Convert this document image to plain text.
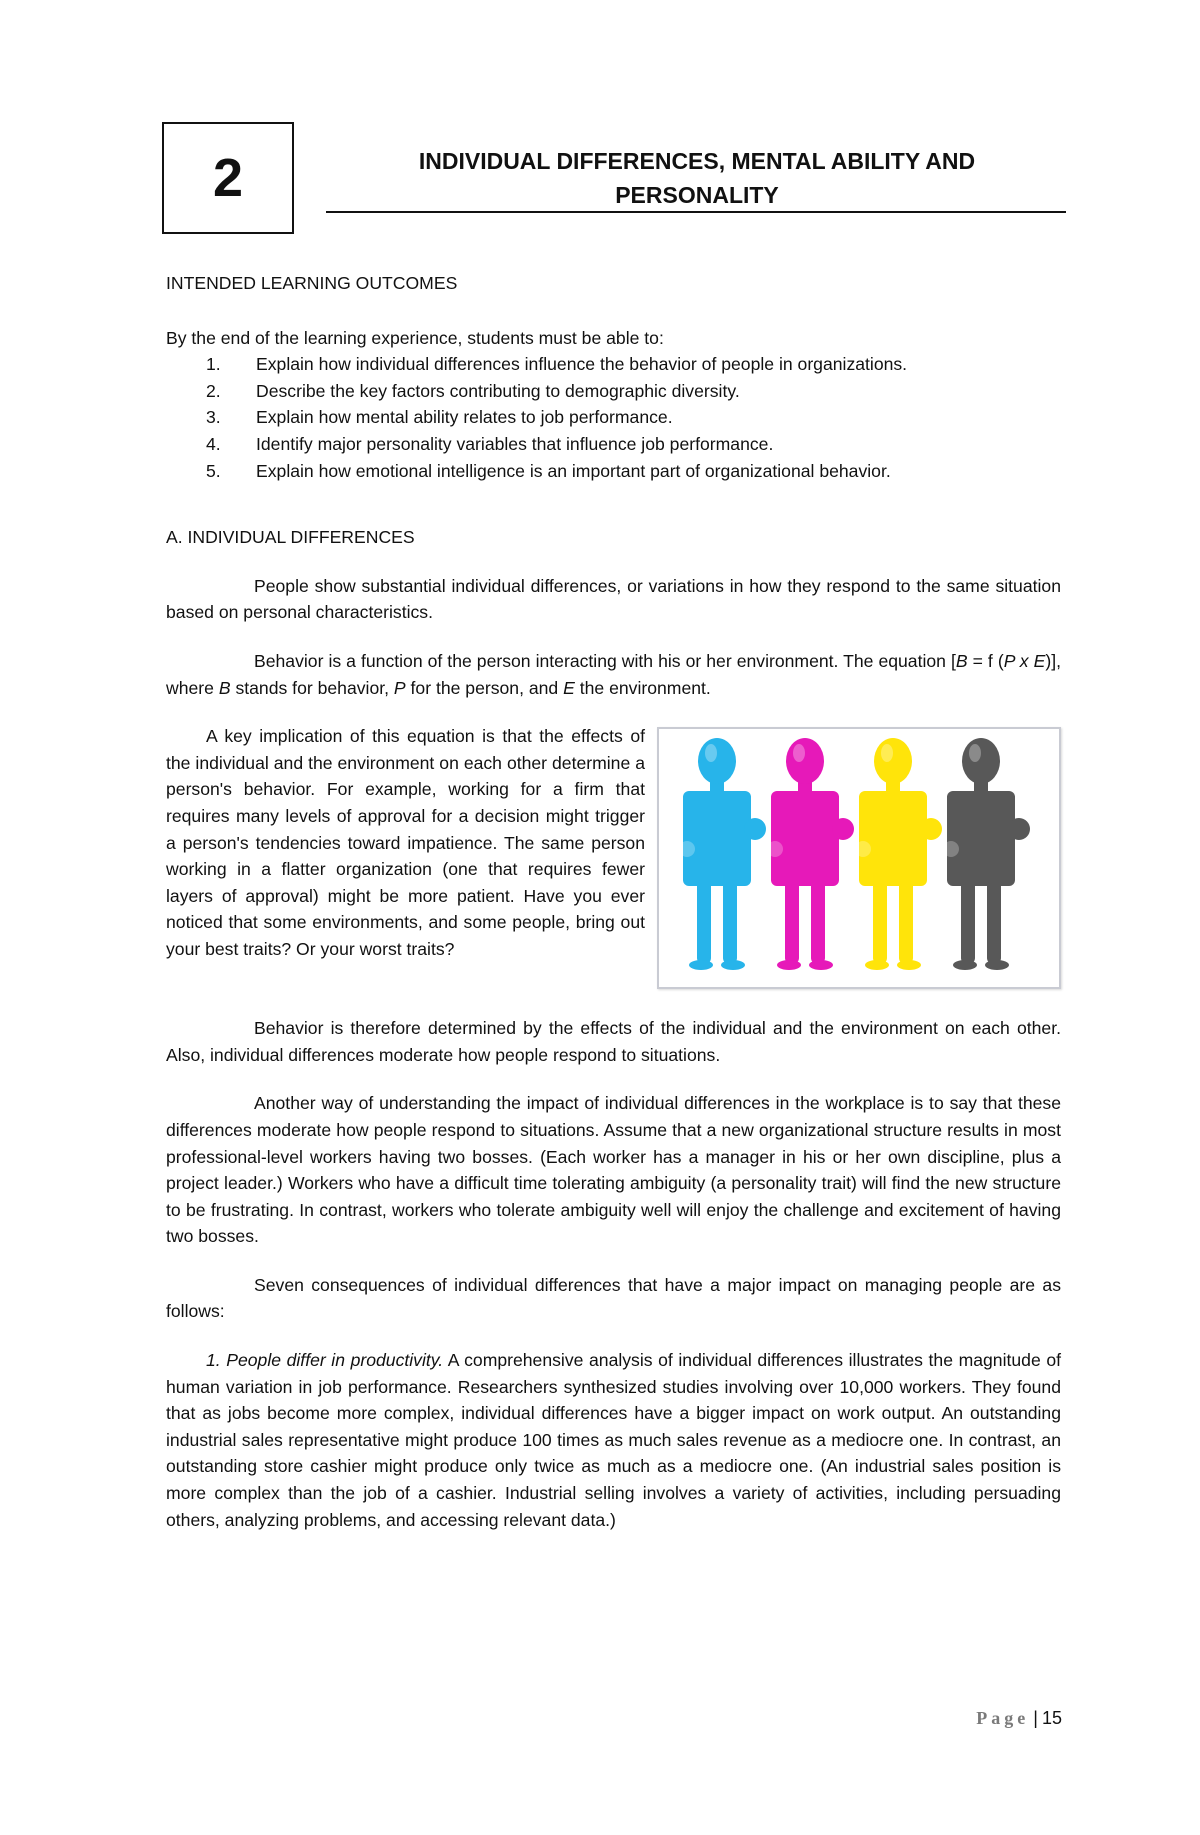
2	INDIVIDUAL DIFFERENCES, MENTAL ABILITY AND

PERSONALITY

INTENDED LEARNING OUTCOMES

By the end of the learning experience, students must be able to:

1. Explain how individual differences influence the behavior of people in organizations.
2. Describe the key factors contributing to demographic diversity.
3. Explain how mental ability relates to job performance.
4. Identify major personality variables that influence job performance.
5. Explain how emotional intelligence is an important part of organizational behavior.

A. INDIVIDUAL DIFFERENCES

People show substantial individual differences, or variations in how they respond to the same situation based on personal characteristics.

Behavior is a function of the person interacting with his or her environment. The equation [B = f (P x E)], where B stands for behavior, P for the person, and E the environment.

A key implication of this equation is that the effects of the individual and the environment on each other determine a person's behavior. For example, working for a firm that requires many levels of approval for a decision might trigger a person's tendencies toward impatience. The same person working in a flatter organization (one that requires fewer layers of approval) might be more patient. Have you ever noticed that some environments, and some people, bring out your best traits? Or your worst traits?

Behavior is therefore determined by the effects of the individual and the environment on each other. Also, individual differences moderate how people respond to situations.

Another way of understanding the impact of individual differences in the workplace is to say that these differences moderate how people respond to situations. Assume that a new organizational structure results in most professional-level workers having two bosses. (Each worker has a manager in his or her own discipline, plus a project leader.) Workers who have a difficult time tolerating ambiguity (a personality trait) will find the new structure to be frustrating. In contrast, workers who tolerate ambiguity well will enjoy the challenge and excitement of having two bosses.

Seven consequences of individual differences that have a major impact on managing people are as follows:

1. People differ in productivity. A comprehensive analysis of individual differences illustrates the magnitude of human variation in job performance. Researchers synthesized studies involving over 10,000 workers. They found that as jobs become more complex, individual differences have a bigger impact on work output. An outstanding industrial sales representative might produce 100 times as much sales revenue as a mediocre one. In contrast, an outstanding store cashier might produce only twice as much as a mediocre one. (An industrial sales position is more complex than the job of a cashier. Industrial selling involves a variety of activities, including persuading others, analyzing problems, and accessing relevant data.)

Page | 15
